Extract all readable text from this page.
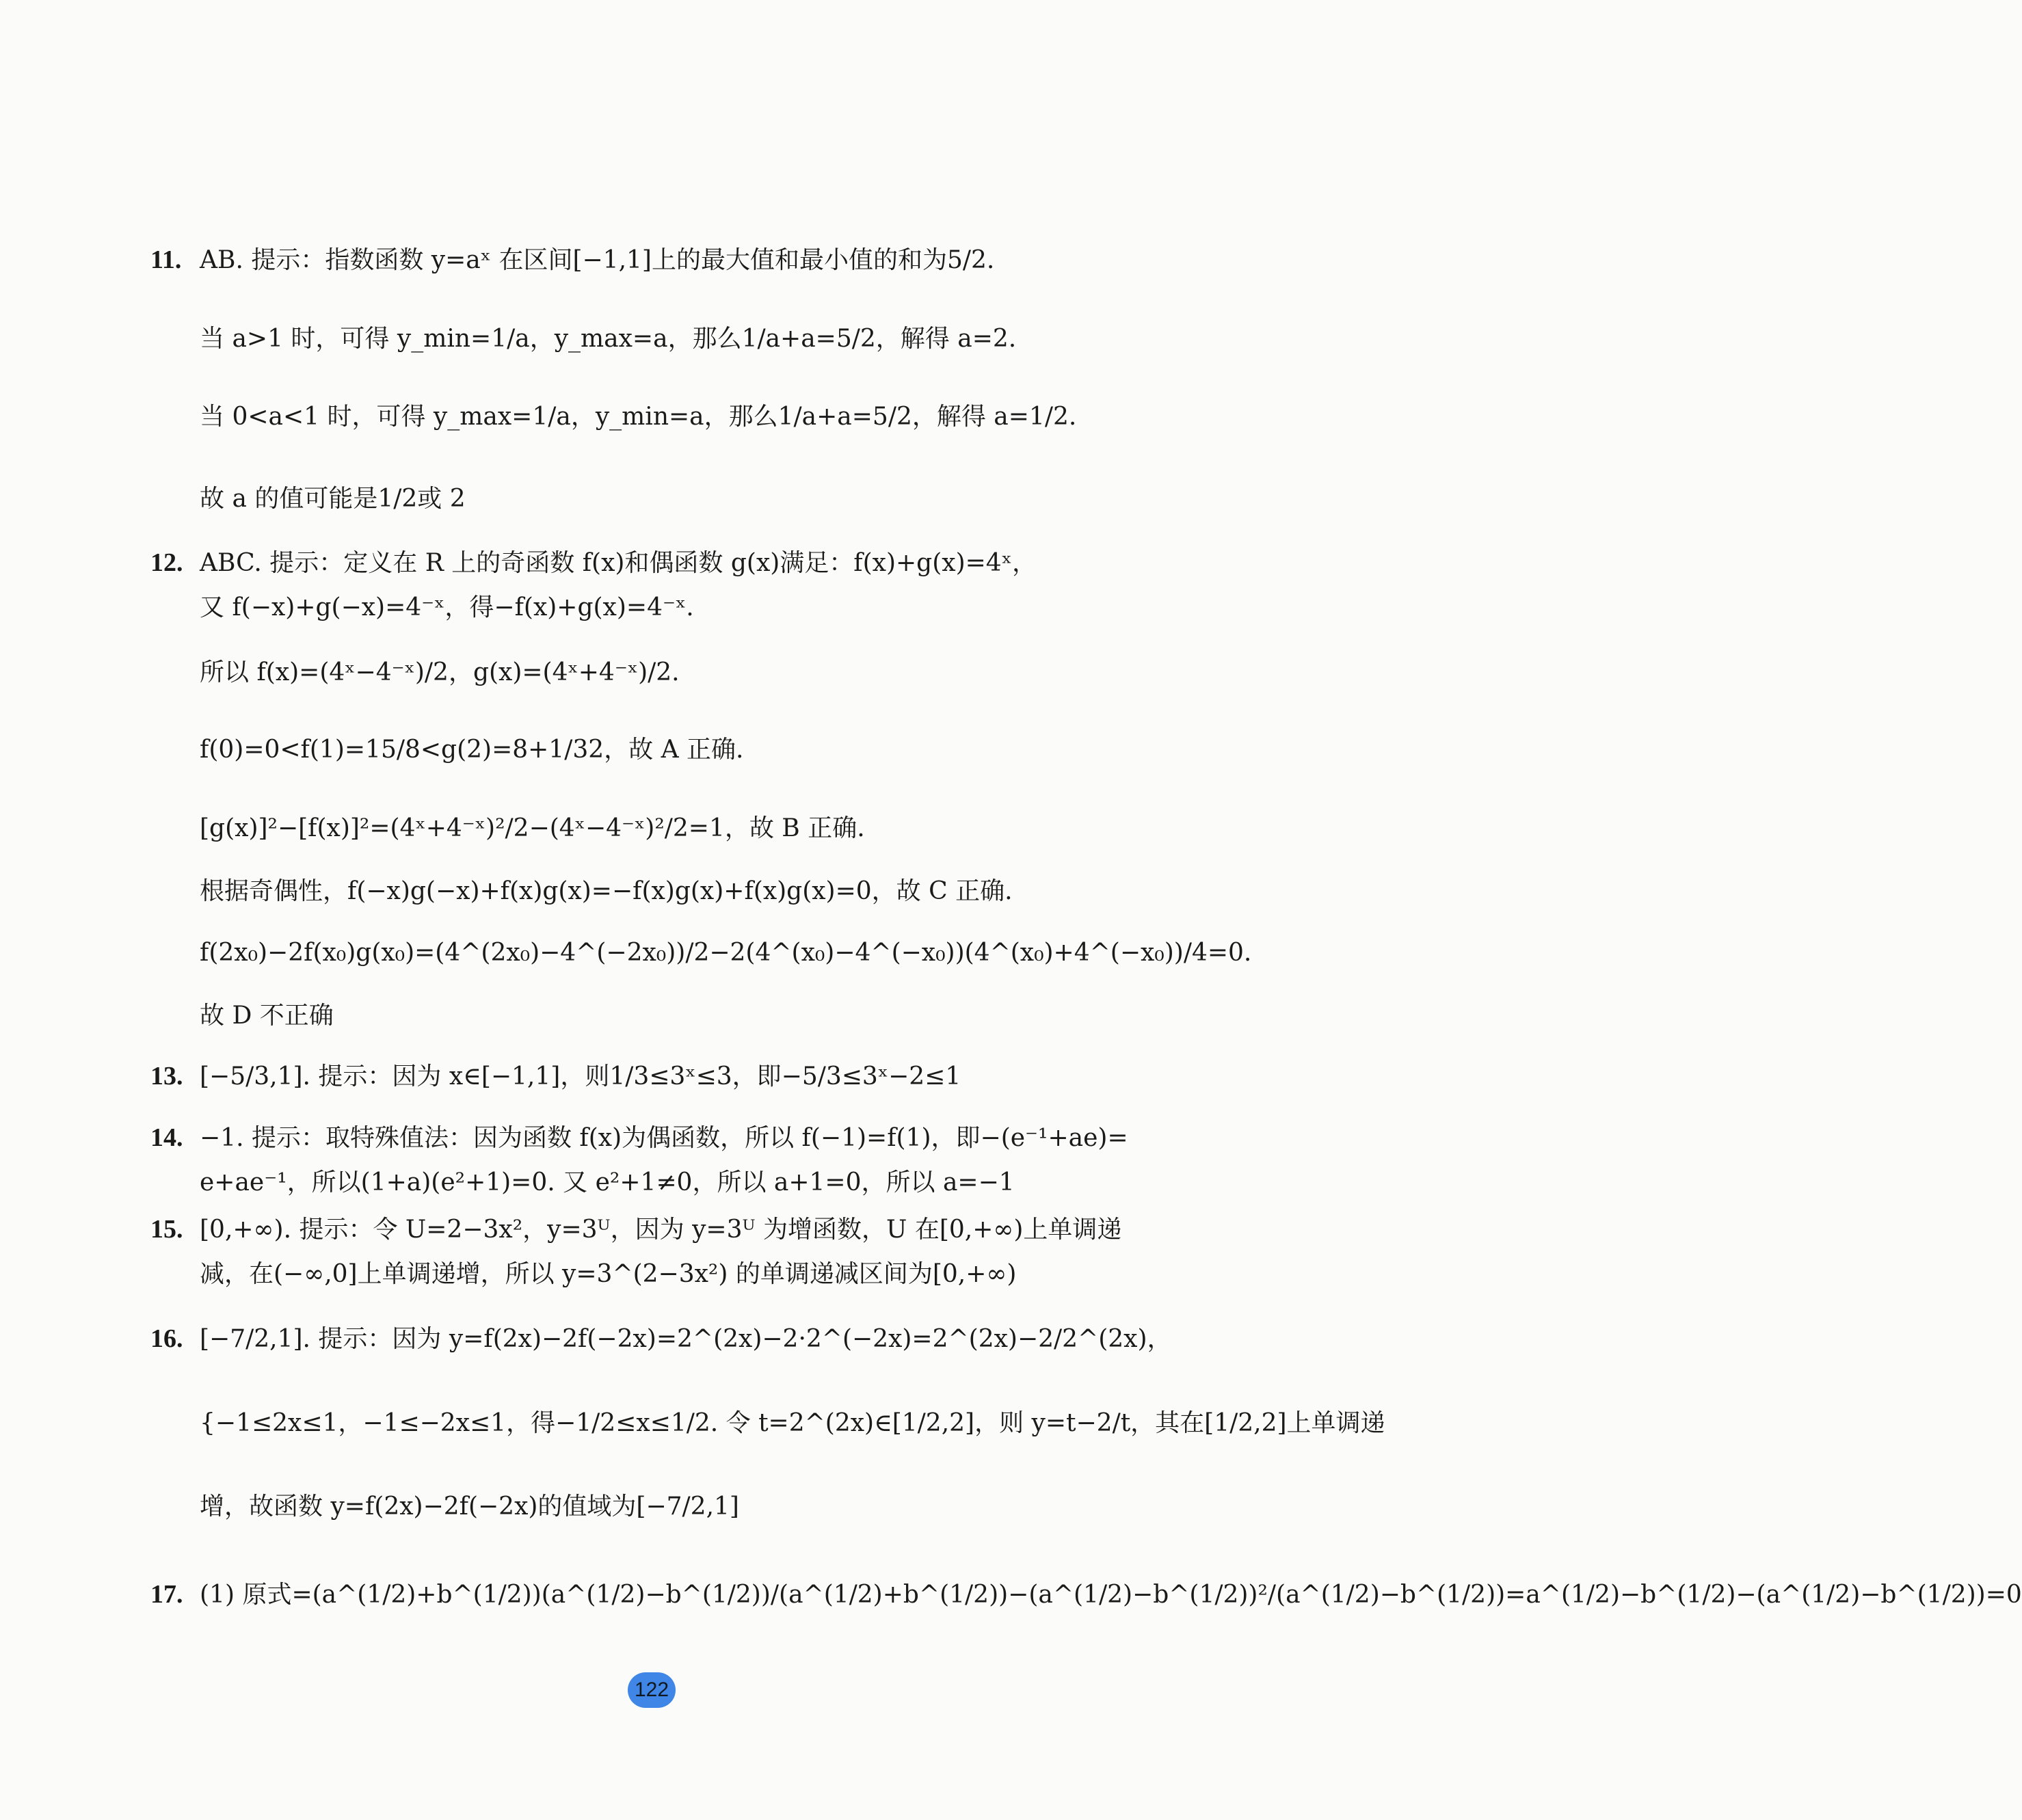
11. AB. 提示：指数函数 y=aˣ 在区间[−1,1]上的最大值和最小值的和为5/2.
当 a>1 时，可得 y_min=1/a，y_max=a，那么1/a+a=5/2，解得 a=2.
当 0<a<1 时，可得 y_max=1/a，y_min=a，那么1/a+a=5/2，解得 a=1/2.
故 a 的值可能是1/2或 2
12. ABC. 提示：定义在 R 上的奇函数 f(x)和偶函数 g(x)满足：f(x)+g(x)=4ˣ，
又 f(−x)+g(−x)=4⁻ˣ，得−f(x)+g(x)=4⁻ˣ.
所以 f(x)=(4ˣ−4⁻ˣ)/2，g(x)=(4ˣ+4⁻ˣ)/2.
f(0)=0<f(1)=15/8<g(2)=8+1/32，故 A 正确.
[g(x)]²−[f(x)]²=(4ˣ+4⁻ˣ)²/2−(4ˣ−4⁻ˣ)²/2=1，故 B 正确.
根据奇偶性，f(−x)g(−x)+f(x)g(x)=−f(x)g(x)+f(x)g(x)=0，故 C 正确.
f(2x₀)−2f(x₀)g(x₀)=(4^(2x₀)−4^(−2x₀))/2−2(4^(x₀)−4^(−x₀))(4^(x₀)+4^(−x₀))/4=0.
故 D 不正确
13. [−5/3,1]. 提示：因为 x∈[−1,1]，则1/3≤3ˣ≤3，即−5/3≤3ˣ−2≤1
14. −1. 提示：取特殊值法：因为函数 f(x)为偶函数，所以 f(−1)=f(1)，即−(e⁻¹+ae)=
e+ae⁻¹，所以(1+a)(e²+1)=0. 又 e²+1≠0，所以 a+1=0，所以 a=−1
15. [0,+∞). 提示：令 U=2−3x²，y=3ᵁ，因为 y=3ᵁ 为增函数，U 在[0,+∞)上单调递
减，在(−∞,0]上单调递增，所以 y=3^(2−3x²) 的单调递减区间为[0,+∞)
16. [−7/2,1]. 提示：因为 y=f(2x)−2f(−2x)=2^(2x)−2·2^(−2x)=2^(2x)−2/2^(2x)，
{−1≤2x≤1，−1≤−2x≤1，得−1/2≤x≤1/2. 令 t=2^(2x)∈[1/2,2]，则 y=t−2/t，其在[1/2,2]上单调递
增，故函数 y=f(2x)−2f(−2x)的值域为[−7/2,1]
17. (1) 原式=(a^(1/2)+b^(1/2))(a^(1/2)−b^(1/2))/(a^(1/2)+b^(1/2))−(a^(1/2)−b^(1/2))²/(a^(1/2)−b^(1/2))=a^(1/2)−b^(1/2)−(a^(1/2)−b^(1/2))=0
122
